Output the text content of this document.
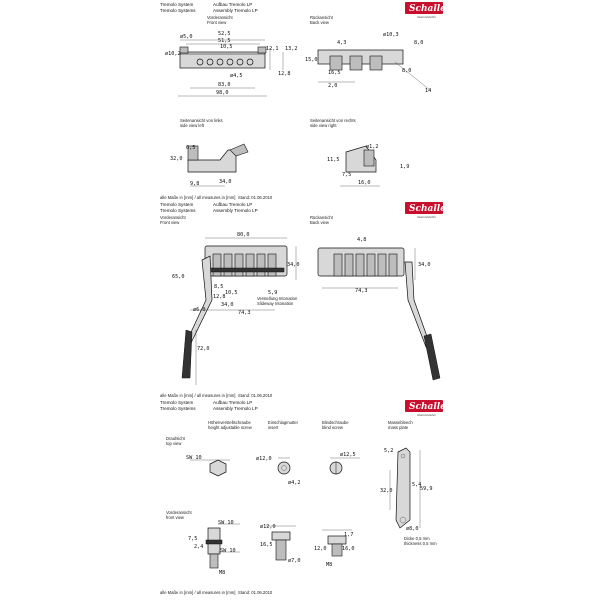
Tremolo System
Tremolo Systems
Aufbau Tremolo LP
Assembly Tremolo LP	Schaller
Gitarrenzubehör
Vorderansicht
Front view
ø5,0
ø10,2
52,5
51,5
10,5	12,1 13,2
ø4,5	12,8
83,0
98,0
Rückansicht
Back view
ø10,3
8,0
4,3
15,0
16,5
2,0
8,0
14
Seitenansicht von links
side view left
6,5
32,0
9,8	34,0
Seitenansicht von rechts
side view right
ø1,2
11,5
7,5
16,0
1,9
alle Maße in [mm] / all measures in [mm] Stand: 01.06.2010
Tremolo System
Tremolo Systems
Aufbau Tremolo LP
Assembly Tremolo LP	Schaller
Gitarrenzubehör
Vorderansicht
Front view
80,0
34,0
65,0
8,5
10,5
12,8
34,0
ø6,0	74,3
72,0
5,9
Verstellung Intonation
Slideway Intonation
Rückansicht
Back view
4,8
34,0
74,3
alle Maße in [mm] / all measures in [mm] Stand: 01.06.2010
Tremolo System
Tremolo Systems
Aufbau Tremolo LP
Assembly Tremolo LP	Schaller
Gitarrenzubehör
Höhenverstellschraube
height adjustable screw
Einschlagmutter
insert
Blindschraube
blind screw
Massebleech
mass plate
Draufsicht
top view
Vorderansicht
front view
SW 10	ø12,0
ø4,2
ø12,5
5,2
5,4
32,0	59,9
ø8,0
Dicke 0,5 mm
thickness 0,5 mm
SW 10
7,5
2,4
SW 10
M8
ø12,0
16,5
ø7,0
12,0	16,0
M8
1,7
alle Maße in [mm] / all measures in [mm] Stand: 01.06.2010
